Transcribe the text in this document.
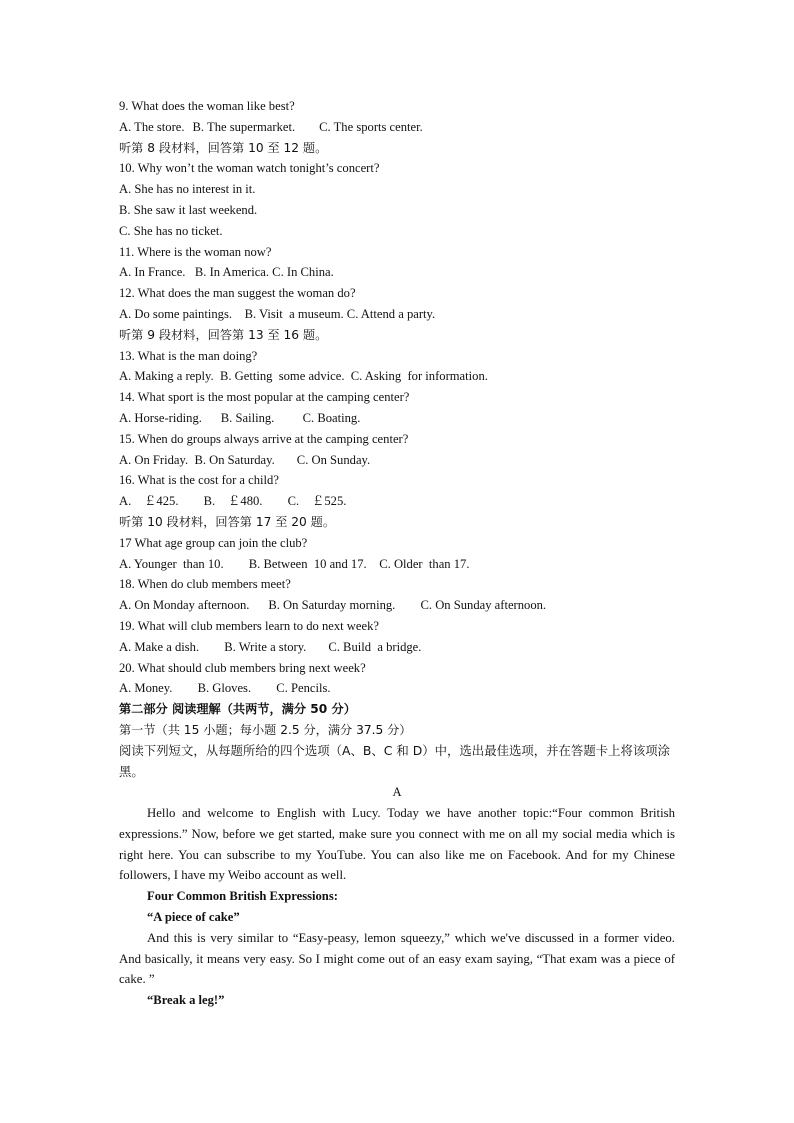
9. What does the woman like best?
A. The store. B. The supermarket. C. The sports center.
听第 8 段材料，回答第 10 至 12 题。
10. Why won’t the woman watch tonight’s concert?
A. She has no interest in it.
B. She saw it last weekend.
C. She has no ticket.
11. Where is the woman now?
A. In France.   B. In America. C. In China.
12. What does the man suggest the woman do?
A. Do some paintings.    B. Visit  a museum. C. Attend a party.
听第 9 段材料，回答第 13 至 16 题。
13. What is the man doing?
A. Making a reply.  B. Getting  some advice.  C. Asking  for information.
14. What sport is the most popular at the camping center?
A. Horse-riding.      B. Sailing.         C. Boating.
15. When do groups always arrive at the camping center?
A. On Friday.  B. On Saturday.       C. On Sunday.
16. What is the cost for a child?
A.    ￡425.        B.    ￡480.        C.    ￡525.
听第 10 段材料，回答第 17 至 20 题。
17 What age group can join the club?
A. Younger  than 10.        B. Between  10 and 17.    C. Older  than 17.
18. When do club members meet?
A. On Monday afternoon.      B. On Saturday morning.        C. On Sunday afternoon.
19. What will club members learn to do next week?
A. Make a dish.        B. Write a story.       C. Build  a bridge.
20. What should club members bring next week?
A. Money.        B. Gloves.        C. Pencils.
第二部分 阅读理解（共两节，满分 50 分）
第一节（共 15 小题；每小题 2.5 分，满分 37.5 分）
阅读下列短文，从每题所给的四个选项（A、B、C 和 D）中，选出最佳选项，并在答题卡上将该项涂黑。
A
Hello and welcome to English with Lucy. Today we have another topic:“Four common British expressions.” Now, before we get started, make sure you connect with me on all my social media which is right here. You can subscribe to my YouTube. You can also like me on Facebook. And for my Chinese followers, I have my Weibo account as well.
Four Common British Expressions:
“A piece of cake”
And this is very similar to “Easy-peasy, lemon squeezy,” which we've discussed in a former video. And basically, it means very easy. So I might come out of an easy exam saying, “That exam was a piece of cake. ”
“Break a leg!”
